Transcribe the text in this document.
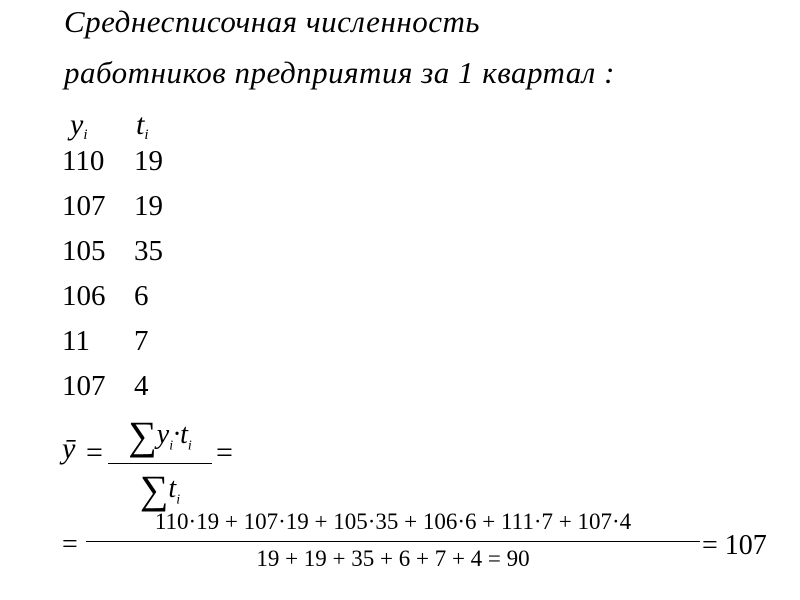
Среднесписочная численность
работников предприятия за 1 квартал :
$y_i$ $t_i$
110	19
107 19
105 35
106 6
11	7
107 4
ȳ = $\sum y_i\cdot t_i$
$\sum t_i$
=
=
110·19 + 107·19 + 105·35 + 106·6 + 111·7 + 107·4
19 + 19 + 35 + 6 + 7 + 4 = 90	= 107
